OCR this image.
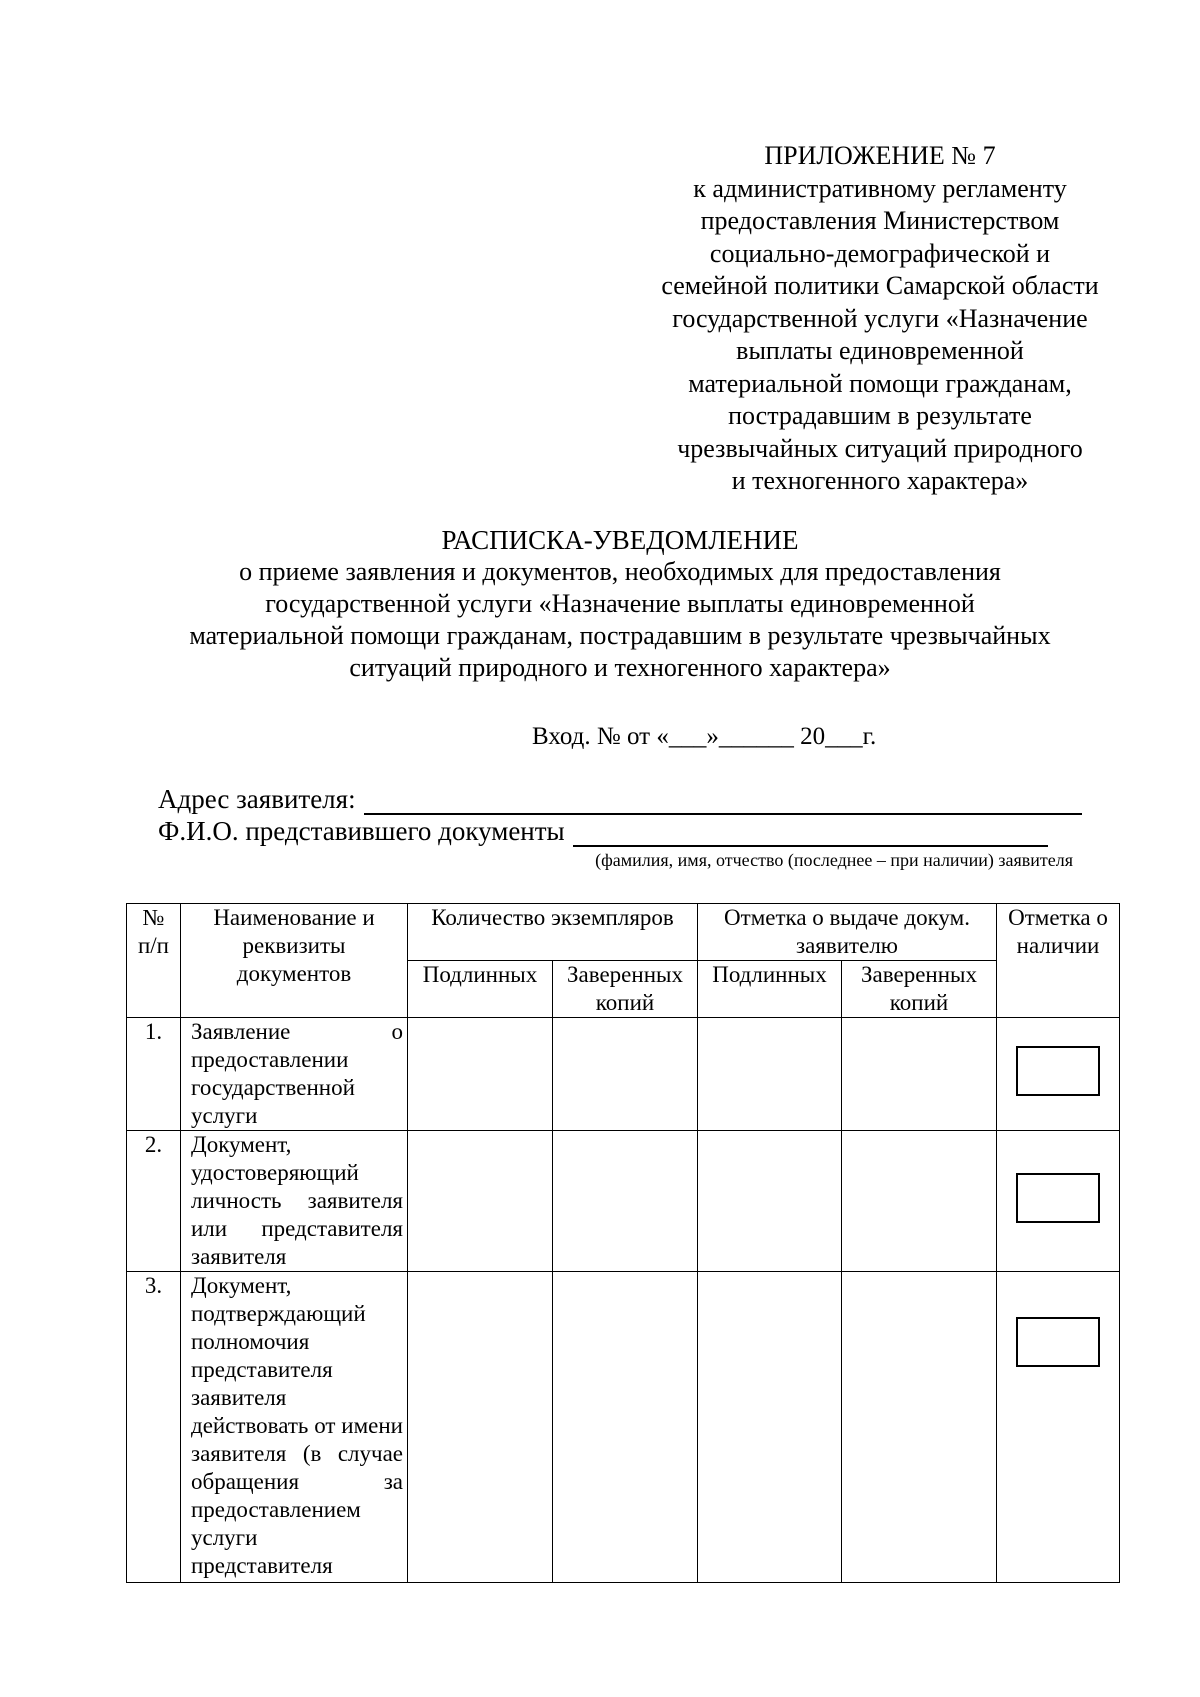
ПРИЛОЖЕНИЕ № 7
к административному регламенту
предоставления Министерством
социально-демографической и
семейной политики Самарской области
государственной услуги «Назначение
выплаты единовременной
материальной помощи гражданам,
пострадавшим в результате
чрезвычайных ситуаций природного
и техногенного характера»
РАСПИСКА-УВЕДОМЛЕНИЕ
о приеме заявления и документов, необходимых для предоставления
государственной услуги «Назначение выплаты единовременной
материальной помощи гражданам, пострадавшим в результате чрезвычайных
ситуаций природного и техногенного характера»
Вход. № от «___»______ 20___г.
Адрес заявителя:
Ф.И.О. представившего документы
(фамилия, имя, отчество (последнее – при наличии) заявителя
№ п/п	Наименование и реквизиты документов	Количество экземпляров		Отметка о выдаче докум. заявителю		Отметка о наличии
		Подлинных	Заверенных копий	Подлинных	Заверенных копий	
1.	Заявление о предоставлении государственной услуги					
2.	Документ, удостоверяющий личность заявителя или представителя заявителя					
3.	Документ, подтверждающий полномочия представителя заявителя действовать от имени заявителя (в случае обращения за предоставлением услуги представителя					
